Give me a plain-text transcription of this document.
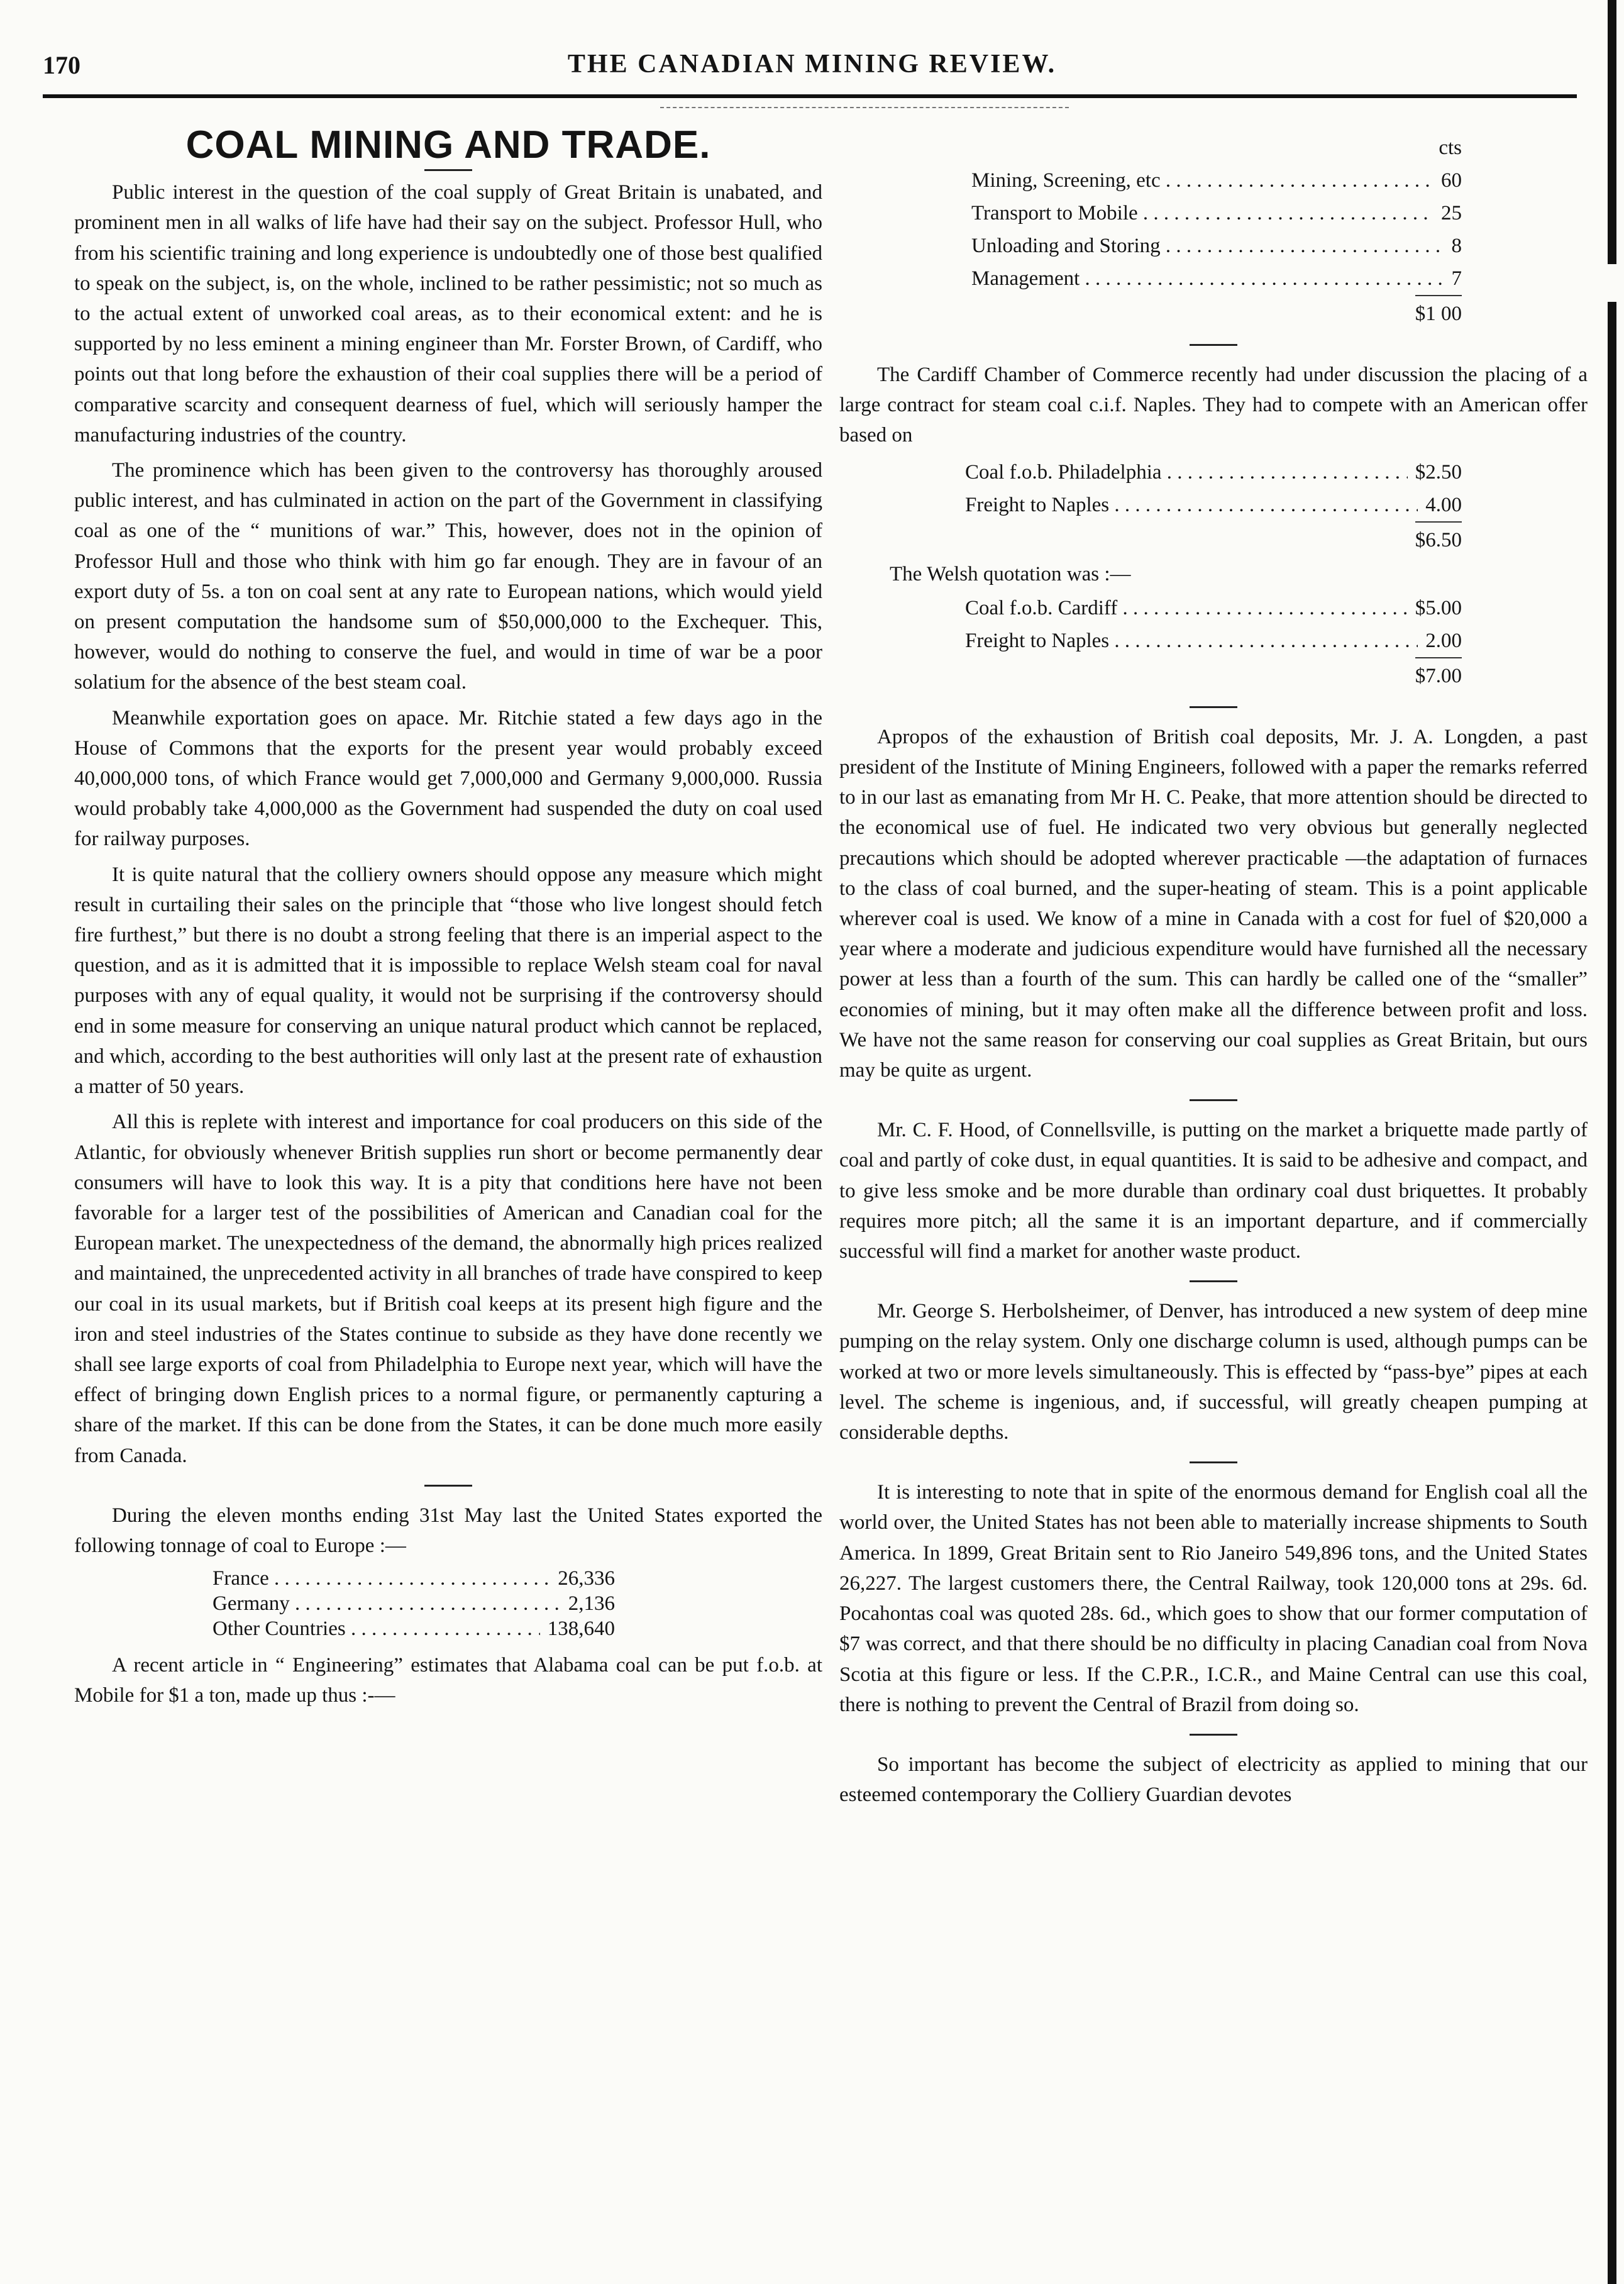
170	THE CANADIAN MINING REVIEW.
COAL MINING AND TRADE.

Public interest in the question of the coal supply of Great Britain is unabated, and prominent men in all walks of life have had their say on the subject. Professor Hull, who from his scientific training and long experience is undoubtedly one of those best qualified to speak on the subject, is, on the whole, inclined to be rather pessimistic; not so much as to the actual extent of unworked coal areas, as to their economical extent: and he is supported by no less eminent a mining engineer than Mr. Forster Brown, of Cardiff, who points out that long before the exhaustion of their coal supplies there will be a period of comparative scarcity and consequent dearness of fuel, which will seriously hamper the manufacturing industries of the country.

The prominence which has been given to the controversy has thoroughly aroused public interest, and has culminated in action on the part of the Government in classifying coal as one of the “ munitions of war.” This, however, does not in the opinion of Professor Hull and those who think with him go far enough. They are in favour of an export duty of 5s. a ton on coal sent at any rate to European nations, which would yield on present computation the handsome sum of $50,000,000 to the Exchequer. This, however, would do nothing to conserve the fuel, and would in time of war be a poor solatium for the absence of the best steam coal.

Meanwhile exportation goes on apace. Mr. Ritchie stated a few days ago in the House of Commons that the exports for the present year would probably exceed 40,000,000 tons, of which France would get 7,000,000 and Germany 9,000,000. Russia would probably take 4,000,000 as the Government had suspended the duty on coal used for railway purposes.

It is quite natural that the colliery owners should oppose any measure which might result in curtailing their sales on the principle that “those who live longest should fetch fire furthest,” but there is no doubt a strong feeling that there is an imperial aspect to the question, and as it is admitted that it is impossible to replace Welsh steam coal for naval purposes with any of equal quality, it would not be surprising if the controversy should end in some measure for conserving an unique natural product which cannot be replaced, and which, according to the best authorities will only last at the present rate of exhaustion a matter of 50 years.

All this is replete with interest and importance for coal producers on this side of the Atlantic, for obviously whenever British supplies run short or become permanently dear consumers will have to look this way. It is a pity that conditions here have not been favorable for a larger test of the possibilities of American and Canadian coal for the European market. The unexpectedness of the demand, the abnormally high prices realized and maintained, the unprecedented activity in all branches of trade have conspired to keep our coal in its usual markets, but if British coal keeps at its present high figure and the iron and steel industries of the States continue to subside as they have done recently we shall see large exports of coal from Philadelphia to Europe next year, which will have the effect of bringing down English prices to a normal figure, or permanently capturing a share of the market. If this can be done from the States, it can be done much more easily from Canada.

During the eleven months ending 31st May last the United States exported the following tonnage of coal to Europe :—

France . . .	26,336
Germany . . .	2,136
Other Countries . . .	138,640

A recent article in “ Engineering” estimates that Alabama coal can be put f.o.b. at Mobile for $1 a ton, made up thus :-—

cts
Mining, Screening, etc . . .	60
Transport to Mobile . . .	25
Unloading and Storing . . .	8
Management . . .	7
$1 00

The Cardiff Chamber of Commerce recently had under discussion the placing of a large contract for steam coal c.i.f. Naples. They had to compete with an American offer based on

Coal f.o.b. Philadelphia . . .	$2.50
Freight to Naples . . .	4.00
$6.50
The Welsh quotation was :—
Coal f.o.b. Cardiff . . .	$5.00
Freight to Naples . . .	2.00
$7.00

Apropos of the exhaustion of British coal deposits, Mr. J. A. Longden, a past president of the Institute of Mining Engineers, followed with a paper the remarks referred to in our last as emanating from Mr H. C. Peake, that more attention should be directed to the economical use of fuel. He indicated two very obvious but generally neglected precautions which should be adopted wherever practicable —the adaptation of furnaces to the class of coal burned, and the super-heating of steam. This is a point applicable wherever coal is used. We know of a mine in Canada with a cost for fuel of $20,000 a year where a moderate and judicious expenditure would have furnished all the necessary power at less than a fourth of the sum. This can hardly be called one of the “smaller” economies of mining, but it may often make all the difference between profit and loss. We have not the same reason for conserving our coal supplies as Great Britain, but ours may be quite as urgent.

Mr. C. F. Hood, of Connellsville, is putting on the market a briquette made partly of coal and partly of coke dust, in equal quantities. It is said to be adhesive and compact, and to give less smoke and be more durable than ordinary coal dust briquettes. It probably requires more pitch; all the same it is an important departure, and if commercially successful will find a market for another waste product.

Mr. George S. Herbolsheimer, of Denver, has introduced a new system of deep mine pumping on the relay system. Only one discharge column is used, although pumps can be worked at two or more levels simultaneously. This is effected by “pass-bye” pipes at each level. The scheme is ingenious, and, if successful, will greatly cheapen pumping at considerable depths.

It is interesting to note that in spite of the enormous demand for English coal all the world over, the United States has not been able to materially increase shipments to South America. In 1899, Great Britain sent to Rio Janeiro 549,896 tons, and the United States 26,227. The largest customers there, the Central Railway, took 120,000 tons at 29s. 6d. Pocahontas coal was quoted 28s. 6d., which goes to show that our former computation of $7 was correct, and that there should be no difficulty in placing Canadian coal from Nova Scotia at this figure or less. If the C.P.R., I.C.R., and Maine Central can use this coal, there is nothing to prevent the Central of Brazil from doing so.

So important has become the subject of electricity as applied to mining that our esteemed contemporary the Colliery Guardian devotes
